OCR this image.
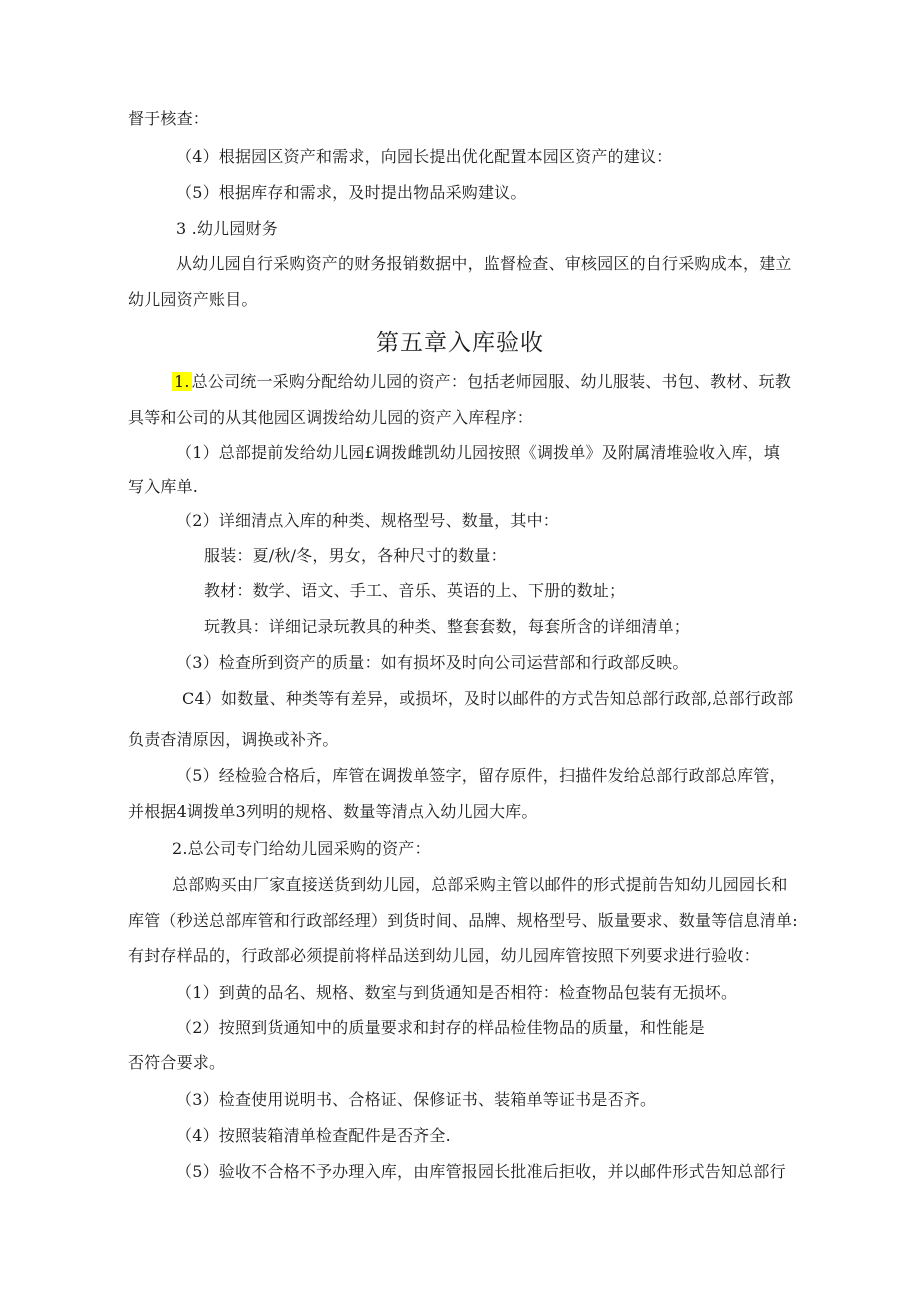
督于核查：
（4）根据园区资产和需求，向园长提出优化配置本园区资产的建议：
（5）根据库存和需求，及时提出物品采购建议。
3 .幼儿园财务
从幼儿园自行采购资产的财务报销数据中，监督检查、审核园区的自行采购成本，建立
幼儿园资产账目。
第五章入库验收
1. 总公司统一采购分配给幼儿园的资产：包括老师园服、幼儿服装、书包、教材、玩教
具等和公司的从其他园区调拨给幼儿园的资产入库程序：
（1）总部提前发给幼儿园£调拨雌凯幼儿园按照《调拨单》及附属清堆验收入库，填
写入库单.
（2）详细清点入库的种类、规格型号、数量，其中：
服装：夏/秋/冬，男女，各种尺寸的数量：
教材：数学、语文、手工、音乐、英语的上、下册的数址；
玩教具：详细记录玩教具的种类、整套套数，每套所含的详细清单；
（3）检查所到资产的质量：如有损坏及时向公司运营部和行政部反映。
C4）如数量、种类等有差异，或损坏，及时以邮件的方式告知总部行政部,总部行政部
负责杳清原因，调换或补齐。
（5）经检验合格后，库管在调拨单签字，留存原件，扫描件发给总部行政部总库管，
并根据4调拨单3列明的规格、数量等清点入幼儿园大库。
2.总公司专门给幼儿园采购的资产：
总部购买由厂家直接送货到幼儿园，总部采购主管以邮件的形式提前告知幼儿园园长和
库管（秒送总部库管和行政部经理）到货时间、品牌、规格型号、版量要求、数量等信息清单:
有封存样品的，行政部必须提前将样品送到幼儿园，幼儿园库管按照下列要求进行验收：
（1）到黄的品名、规格、数室与到货通知是否相符：检查物品包装有无损坏。
（2）按照到货通知中的质量要求和封存的样品检佳物品的质量，和性能是
否符合要求。
（3）检查使用说明书、合格证、保修证书、装箱单等证书是否齐。
（4）按照装箱清单检查配件是否齐全.
（5）验收不合格不予办理入库，由库管报园长批准后拒收，并以邮件形式告知总部行
